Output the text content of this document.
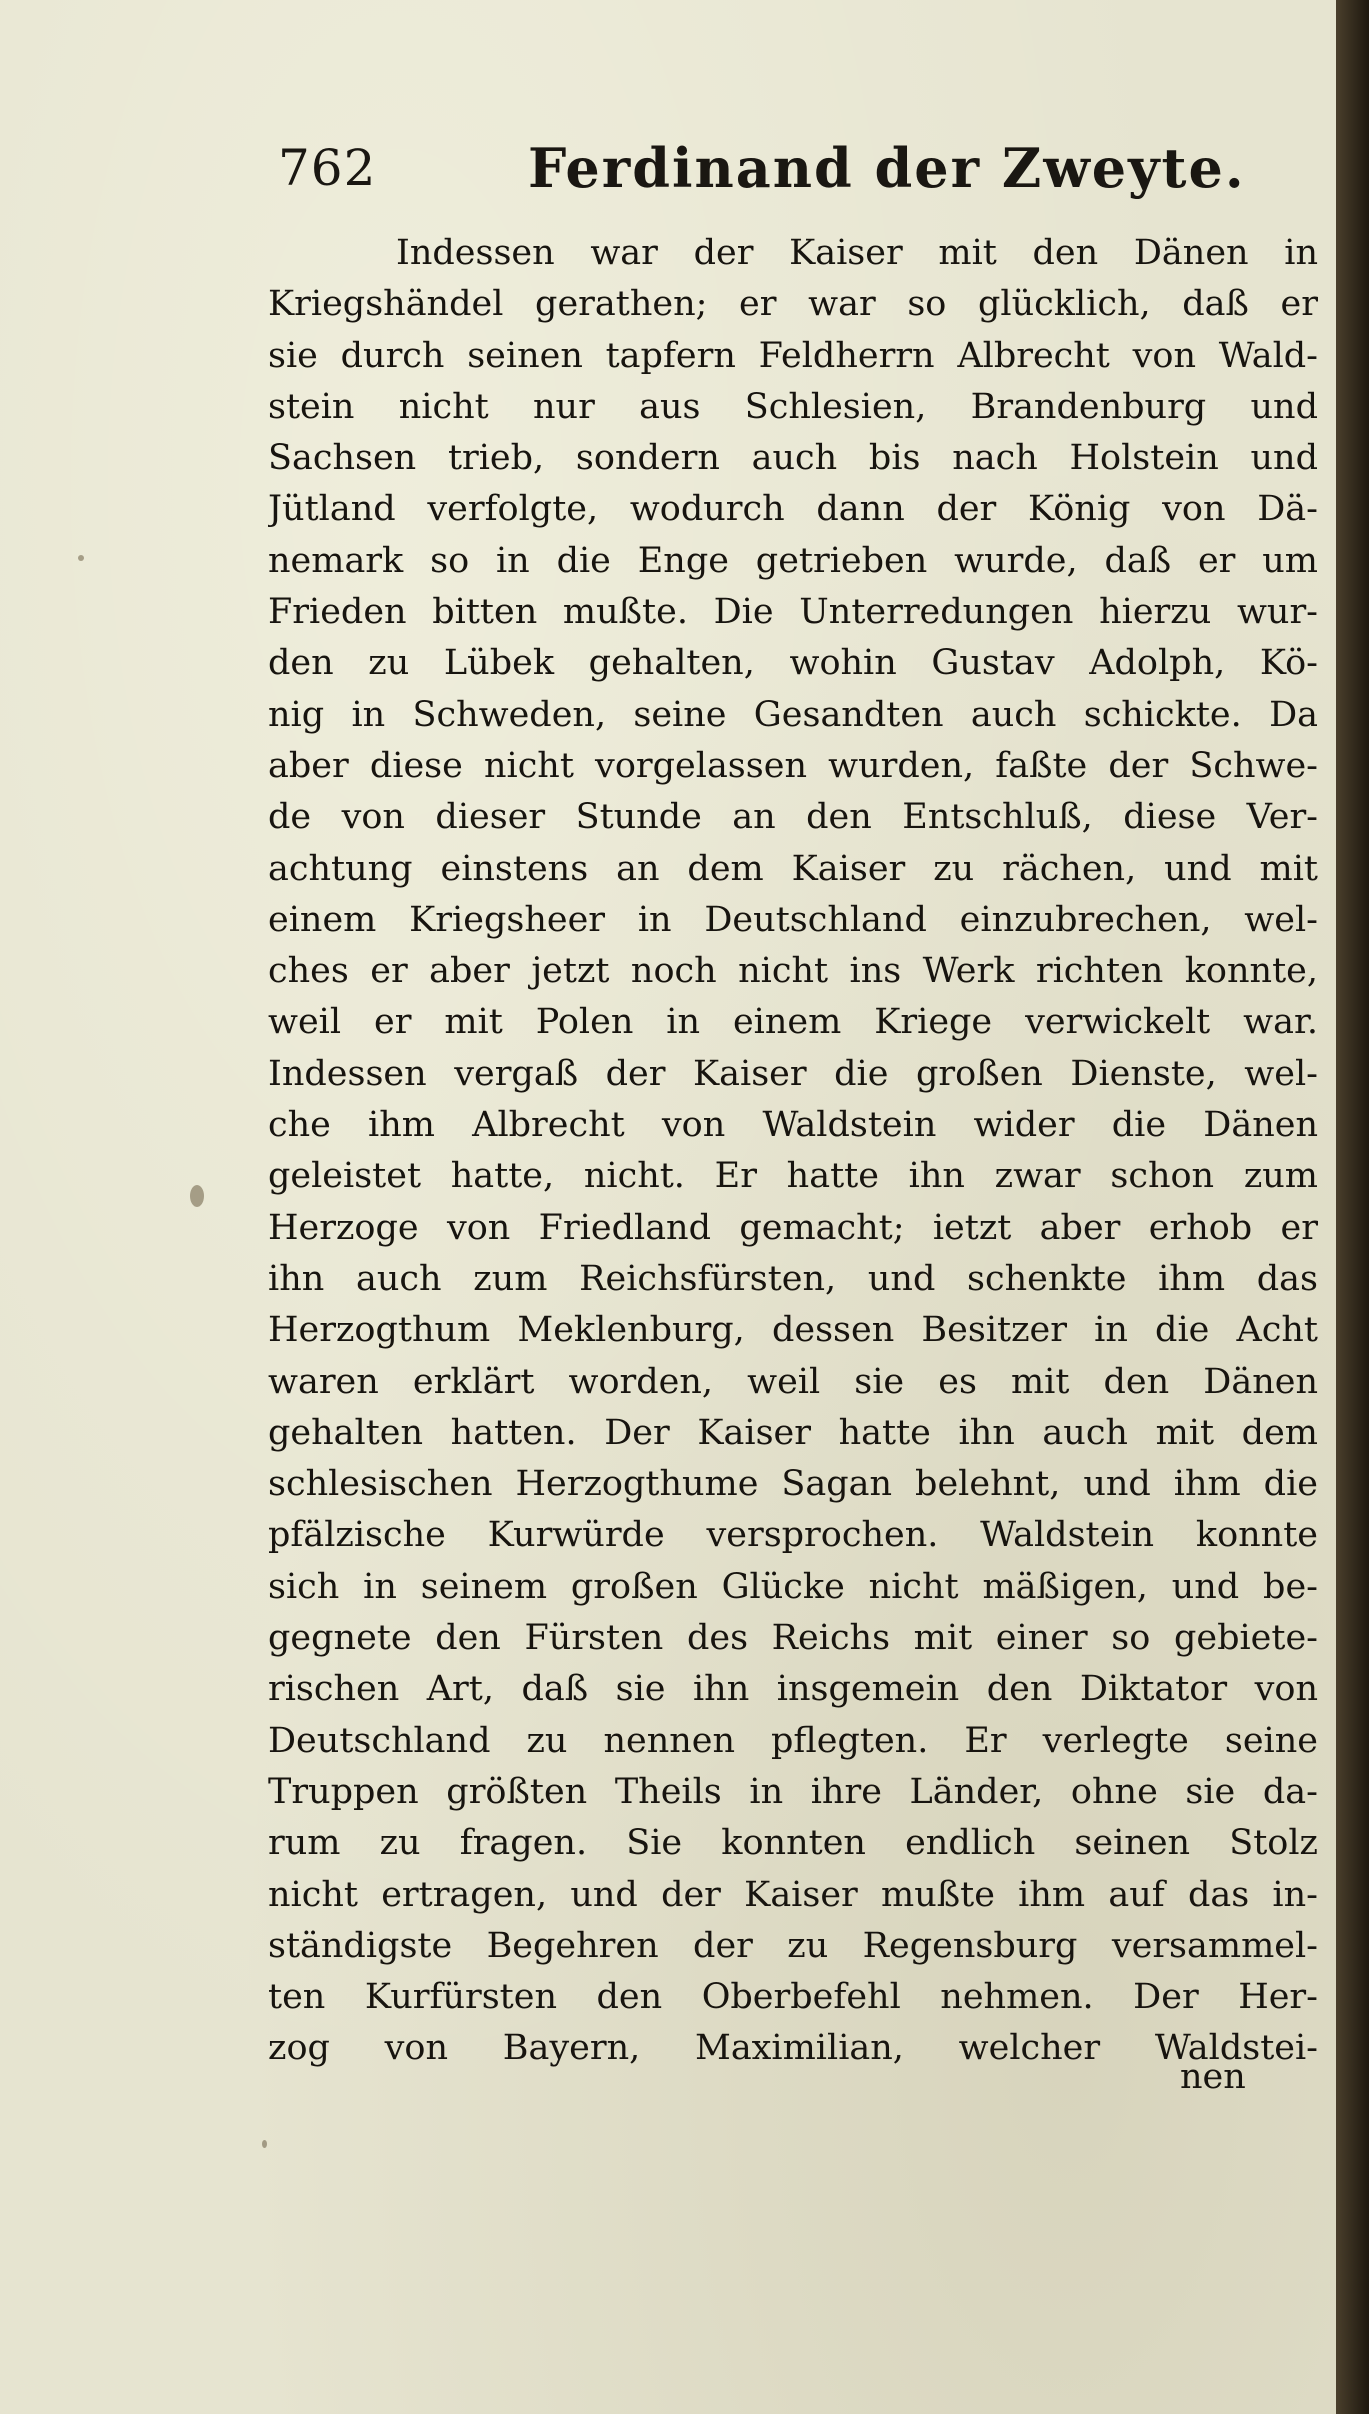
762	Ferdinand der Zweyte.
Indessen war der Kaiser mit den Dänen in
Kriegshändel gerathen; er war so glücklich, daß er
sie durch seinen tapfern Feldherrn Albrecht von Wald-
stein nicht nur aus Schlesien, Brandenburg und
Sachsen trieb, sondern auch bis nach Holstein und
Jütland verfolgte, wodurch dann der König von Dä-
nemark so in die Enge getrieben wurde, daß er um
Frieden bitten mußte. Die Unterredungen hierzu wur-
den zu Lübek gehalten, wohin Gustav Adolph, Kö-
nig in Schweden, seine Gesandten auch schickte. Da
aber diese nicht vorgelassen wurden, faßte der Schwe-
de von dieser Stunde an den Entschluß, diese Ver-
achtung einstens an dem Kaiser zu rächen, und mit
einem Kriegsheer in Deutschland einzubrechen, wel-
ches er aber jetzt noch nicht ins Werk richten konnte,
weil er mit Polen in einem Kriege verwickelt war.
Indessen vergaß der Kaiser die großen Dienste, wel-
che ihm Albrecht von Waldstein wider die Dänen
geleistet hatte, nicht. Er hatte ihn zwar schon zum
Herzoge von Friedland gemacht; ietzt aber erhob er
ihn auch zum Reichsfürsten, und schenkte ihm das
Herzogthum Meklenburg, dessen Besitzer in die Acht
waren erklärt worden, weil sie es mit den Dänen
gehalten hatten. Der Kaiser hatte ihn auch mit dem
schlesischen Herzogthume Sagan belehnt, und ihm die
pfälzische Kurwürde versprochen. Waldstein konnte
sich in seinem großen Glücke nicht mäßigen, und be-
gegnete den Fürsten des Reichs mit einer so gebiete-
rischen Art, daß sie ihn insgemein den Diktator von
Deutschland zu nennen pflegten. Er verlegte seine
Truppen größten Theils in ihre Länder, ohne sie da-
rum zu fragen. Sie konnten endlich seinen Stolz
nicht ertragen, und der Kaiser mußte ihm auf das in-
ständigste Begehren der zu Regensburg versammel-
ten Kurfürsten den Oberbefehl nehmen. Der Her-
zog von Bayern, Maximilian, welcher Waldstei-
nen
